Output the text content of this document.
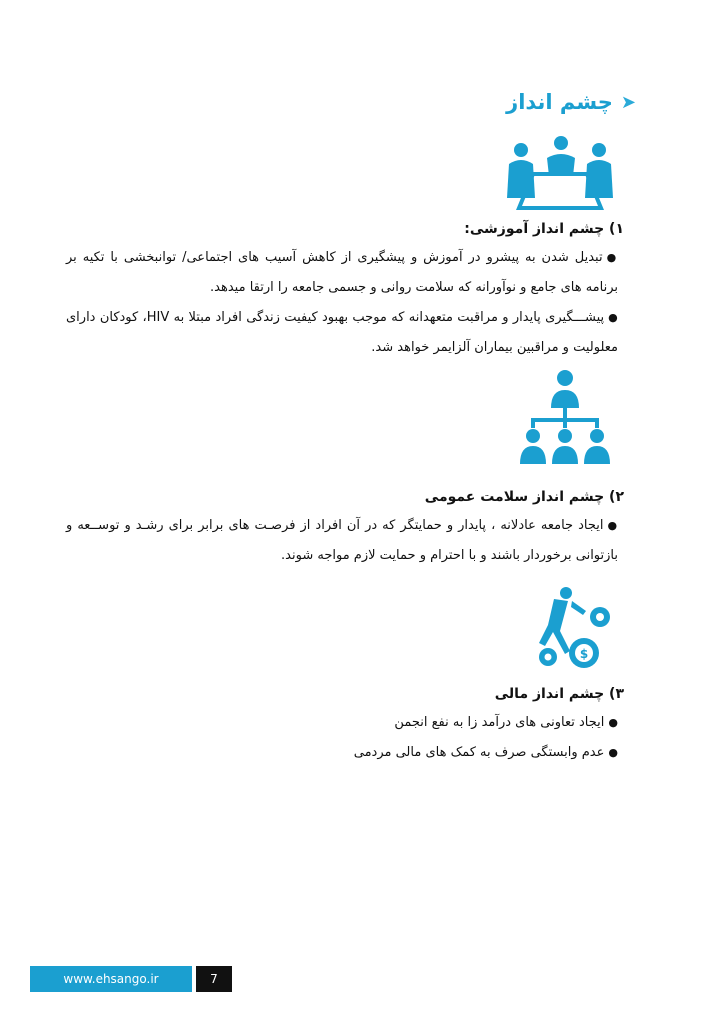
➤
چشم انداز
۱) چشم انداز آموزشی:
●تبدیل شدن به پیشرو در آموزش و پیشگیری از کاهش آسیب های اجتماعی/ توانبخشی با تکیه بر برنامه های جامع و نوآورانه که سلامت روانی و جسمی جامعه را ارتقا میدهد.
●پیشـــگیری پایدار و مراقبت متعهدانه که موجب بهبود کیفیت زندگی افراد مبتلا به HIV، کودکان دارای معلولیت و مراقبین بیماران آلزایمر خواهد شد.
۲) چشم انداز سلامت عمومی
●ایجاد جامعه عادلانه ، پایدار و حمایتگر که در آن افراد از فرصـت های برابر برای رشـد و توســعه و بازتوانی برخوردار باشند و با احترام و حمایت لازم مواجه شوند.
$
۳) چشم انداز مالی
●ایجاد تعاونی های درآمد زا به نفع انجمن
●عدم وابستگی صرف به کمک های مالی مردمی
www.ehsango.ir	7
